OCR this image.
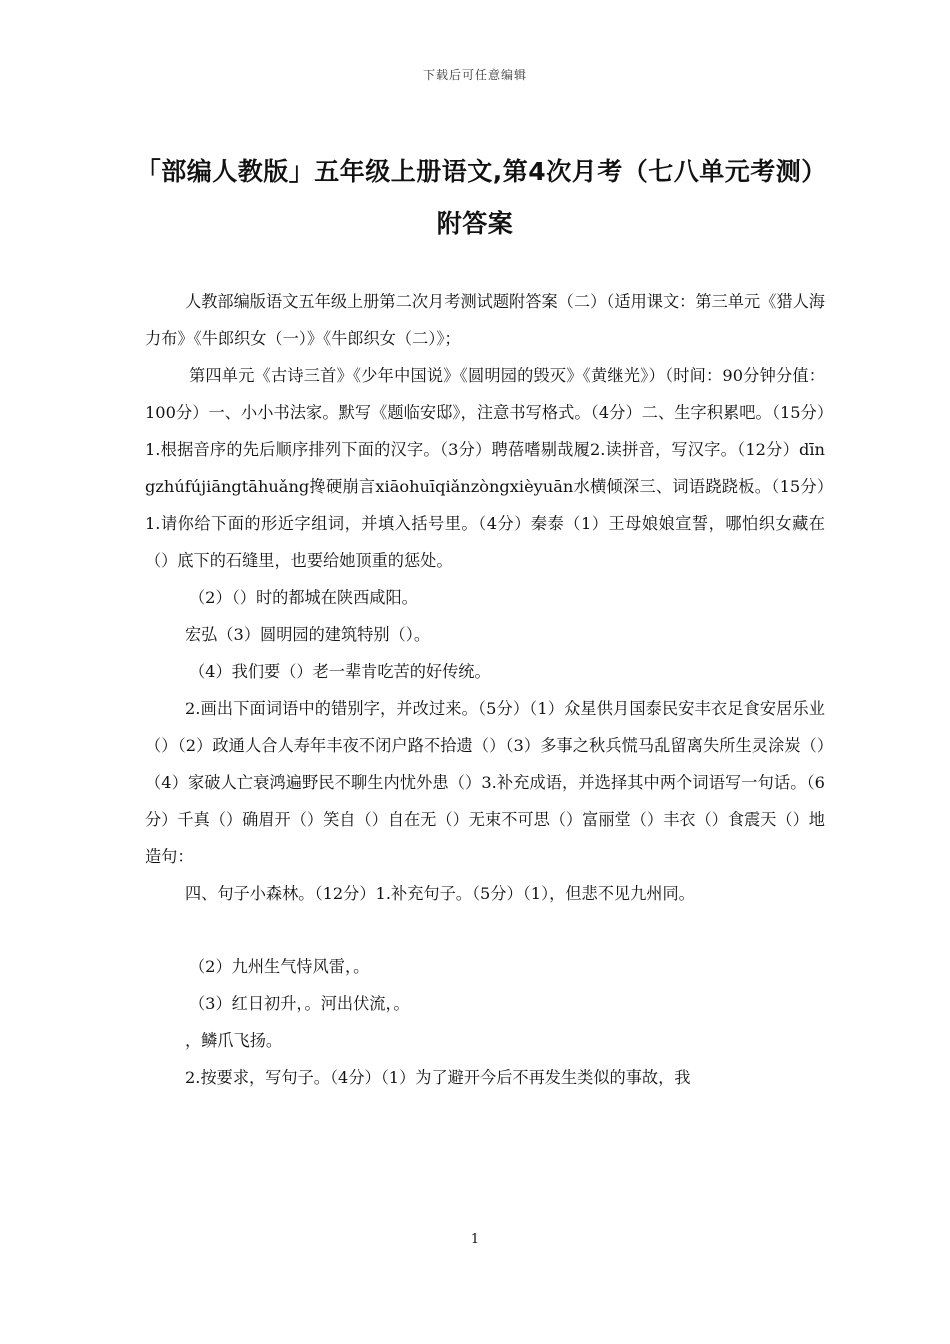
下载后可任意编辑
「部编人教版」五年级上册语文,第4次月考（七八单元考测）附答案

人教部编版语文五年级上册第二次月考测试题附答案（二）（适用课文：第三单元《猎人海力布》《牛郎织女（一）》《牛郎织女（二）》；

第四单元《古诗三首》《少年中国说》《圆明园的毁灭》《黄继光》）（时间：90分钟分值：100分）一、小小书法家。默写《题临安邸》，注意书写格式。（4分）二、生字积累吧。（15分）1.根据音序的先后顺序排列下面的汉字。（3分）聘蓓嗜剔哉履2.读拼音，写汉字。（12分）dīngzhúfújiāngtāhuǎng搀硬崩言xiāohuīqiǎnzòngxièyuān水横倾深三、词语跷跷板。（15分）1.请你给下面的形近字组词，并填入括号里。（4分）秦泰（1）王母娘娘宣誓，哪怕织女藏在（）底下的石缝里，也要给她顶重的惩处。

（2）（）时的都城在陕西咸阳。

宏弘（3）圆明园的建筑特别（）。

（4）我们要（）老一辈肯吃苦的好传统。

2.画出下面词语中的错别字，并改过来。（5分）（1）众星供月国泰民安丰衣足食安居乐业（）（2）政通人合人寿年丰夜不闭户路不拾遗（）（3）多事之秋兵慌马乱留离失所生灵涂炭（）（4）家破人亡衰鸿遍野民不聊生内忧外患（）3.补充成语，并选择其中两个词语写一句话。（6分）千真（）确眉开（）笑自（）自在无（）无束不可思（）富丽堂（）丰衣（）食震天（）地造句：

四、句子小森林。（12分）1.补充句子。（5分）（1），但悲不见九州同。

（2）九州生气恃风雷，。

（3）红日初升，。河出伏流，。

，鳞爪飞扬。

2.按要求，写句子。（4分）（1）为了避开今后不再发生类似的事故，我

1
